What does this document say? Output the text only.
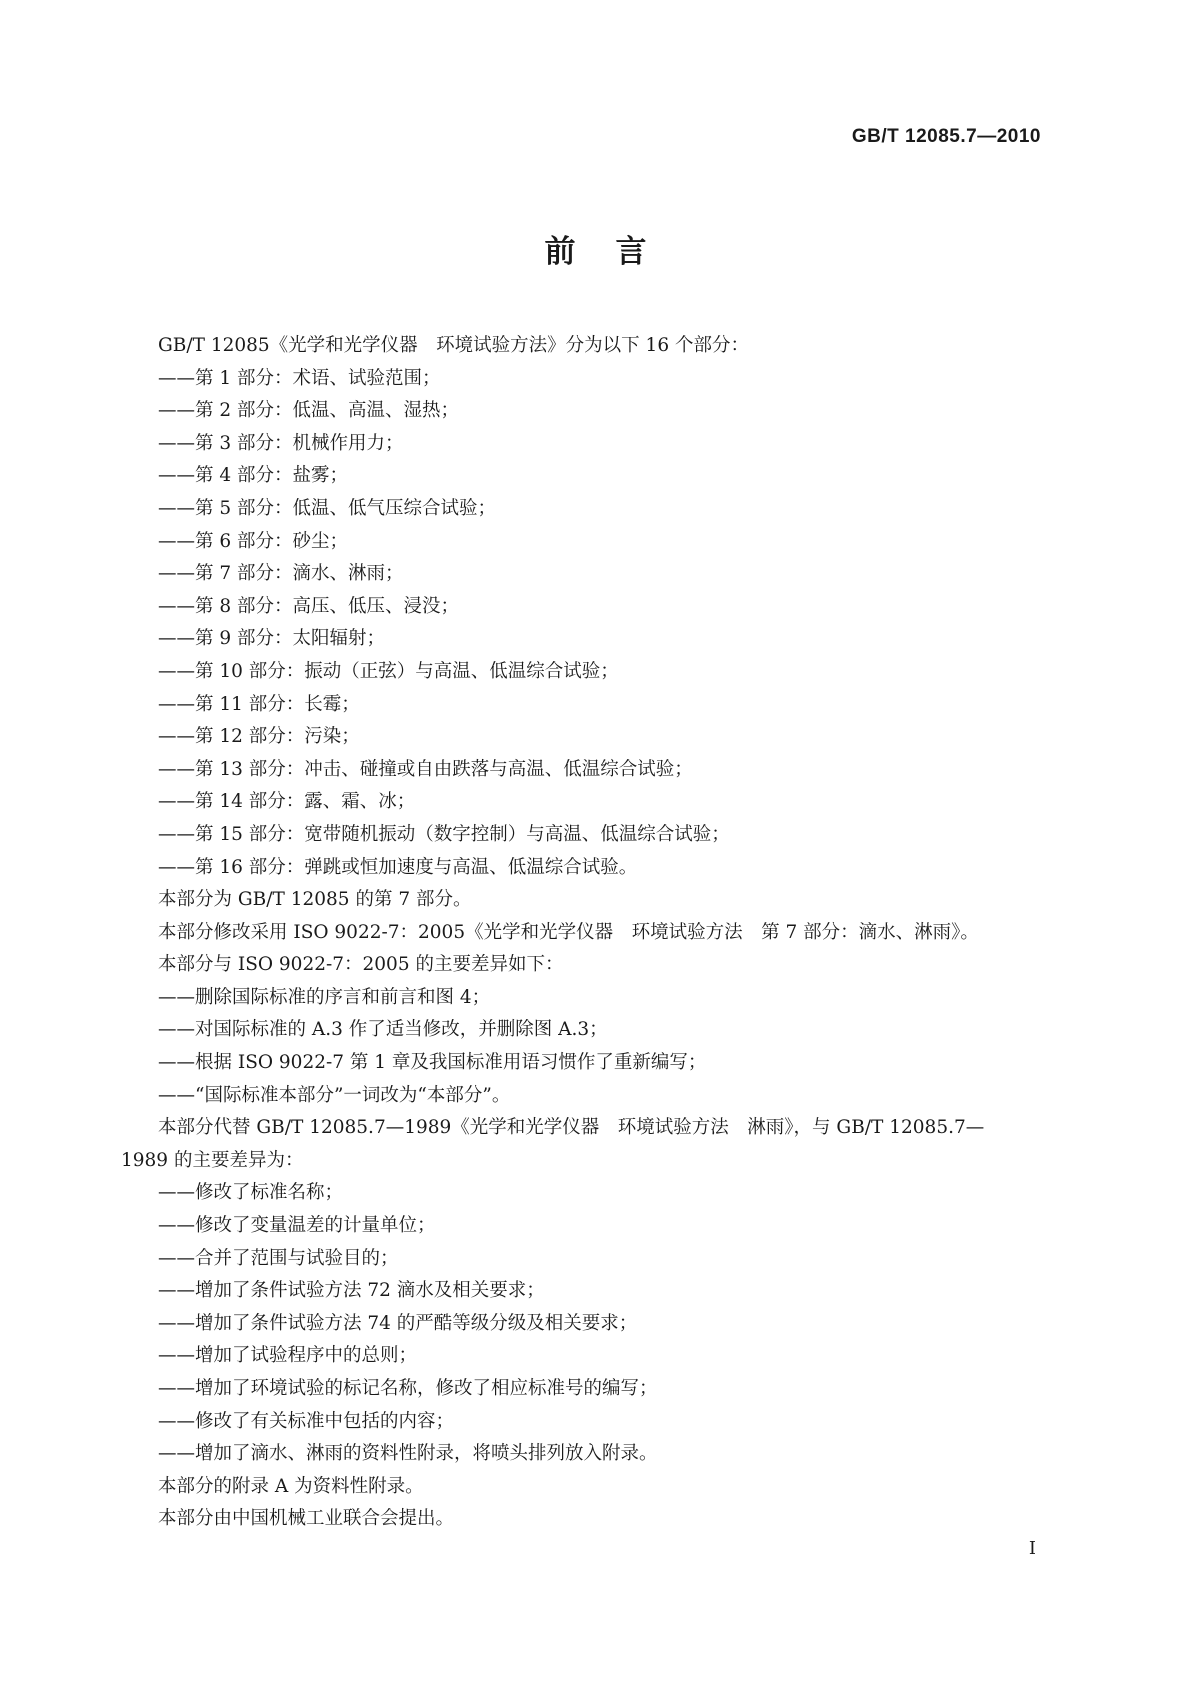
GB/T 12085.7—2010
前言
GB/T 12085《光学和光学仪器　环境试验方法》分为以下 16 个部分：
——第 1 部分：术语、试验范围；
——第 2 部分：低温、高温、湿热；
——第 3 部分：机械作用力；
——第 4 部分：盐雾；
——第 5 部分：低温、低气压综合试验；
——第 6 部分：砂尘；
——第 7 部分：滴水、淋雨；
——第 8 部分：高压、低压、浸没；
——第 9 部分：太阳辐射；
——第 10 部分：振动（正弦）与高温、低温综合试验；
——第 11 部分：长霉；
——第 12 部分：污染；
——第 13 部分：冲击、碰撞或自由跌落与高温、低温综合试验；
——第 14 部分：露、霜、冰；
——第 15 部分：宽带随机振动（数字控制）与高温、低温综合试验；
——第 16 部分：弹跳或恒加速度与高温、低温综合试验。
本部分为 GB/T 12085 的第 7 部分。
本部分修改采用 ISO 9022-7：2005《光学和光学仪器　环境试验方法　第 7 部分：滴水、淋雨》。
本部分与 ISO 9022-7：2005 的主要差异如下：
——删除国际标准的序言和前言和图 4；
——对国际标准的 A.3 作了适当修改，并删除图 A.3；
——根据 ISO 9022-7 第 1 章及我国标准用语习惯作了重新编写；
——“国际标准本部分”一词改为“本部分”。
本部分代替 GB/T 12085.7—1989《光学和光学仪器　环境试验方法　淋雨》，与 GB/T 12085.7—
1989 的主要差异为：
——修改了标准名称；
——修改了变量温差的计量单位；
——合并了范围与试验目的；
——增加了条件试验方法 72 滴水及相关要求；
——增加了条件试验方法 74 的严酷等级分级及相关要求；
——增加了试验程序中的总则；
——增加了环境试验的标记名称，修改了相应标准号的编写；
——修改了有关标准中包括的内容；
——增加了滴水、淋雨的资料性附录，将喷头排列放入附录。
本部分的附录 A 为资料性附录。
本部分由中国机械工业联合会提出。
I
